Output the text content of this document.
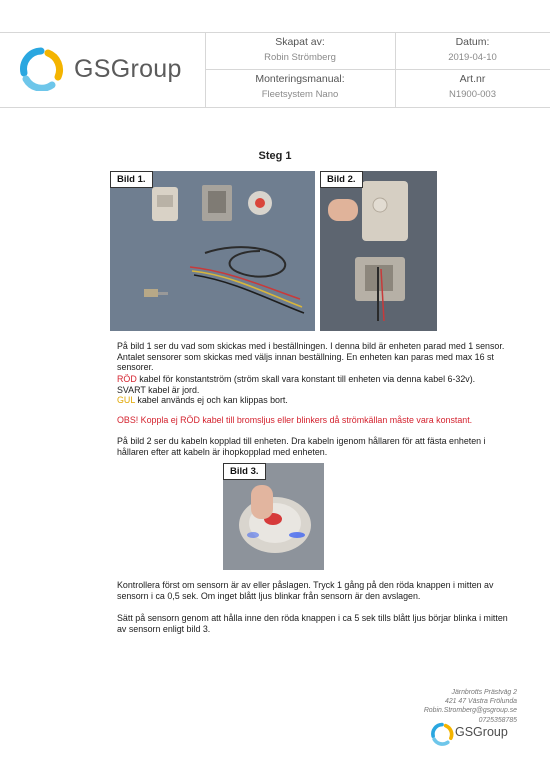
GSGroup
Skapat av:
Robin Strömberg
Datum:
2019-04-10
Monteringsmanual:
Fleetsystem Nano
Art.nr
N1900-003
Steg 1
Bild 1.	Bild 2.
På bild 1 ser du vad som skickas med i beställningen. I denna bild är enheten parad med 1 sensor. Antalet sensorer som skickas med väljs innan beställning. En enheten kan paras med max 16 st sensorer.
RÖD kabel för konstantström (ström skall vara konstant till enheten via denna kabel 6-32v).
SVART kabel är jord.
GUL kabel används ej och kan klippas bort.
OBS! Koppla ej RÖD kabel till bromsljus eller blinkers då strömkällan måste vara konstant.
På bild 2 ser du kabeln kopplad till enheten. Dra kabeln igenom hållaren för att fästa enheten i hållaren efter att kabeln är ihopkopplad med enheten.
Bild 3.
Kontrollera först om sensorn är av eller påslagen. Tryck 1 gång på den röda knappen i mitten av sensorn i ca 0,5 sek. Om inget blått ljus blinkar från sensorn är den avslagen.
Sätt på sensorn genom att hålla inne den röda knappen i ca 5 sek tills blått ljus börjar blinka i mitten av sensorn enligt bild 3.
Järnbrotts Prästväg 2
421 47 Västra Frölunda
Robin.Stromberg@gsgroup.se
0725358785
GSGroup
